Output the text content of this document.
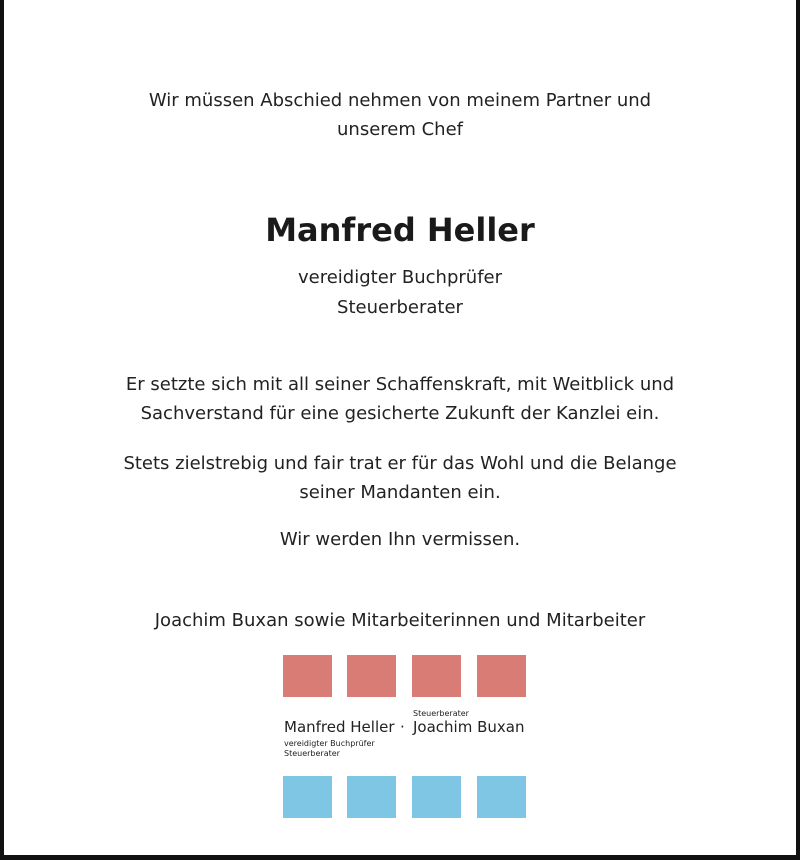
Wir müssen Abschied nehmen von meinem Partner und
unserem Chef
Manfred Heller
vereidigter Buchprüfer
Steuerberater
Er setzte sich mit all seiner Schaffenskraft, mit Weitblick und
Sachverstand für eine gesicherte Zukunft der Kanzlei ein.
Stets zielstrebig und fair trat er für das Wohl und die Belange
seiner Mandanten ein.
Wir werden Ihn vermissen.
Joachim Buxan sowie Mitarbeiterinnen und Mitarbeiter
Manfred Heller
vereidigter Buchprüfer
Steuerberater
·
Steuerberater
Joachim Buxan
